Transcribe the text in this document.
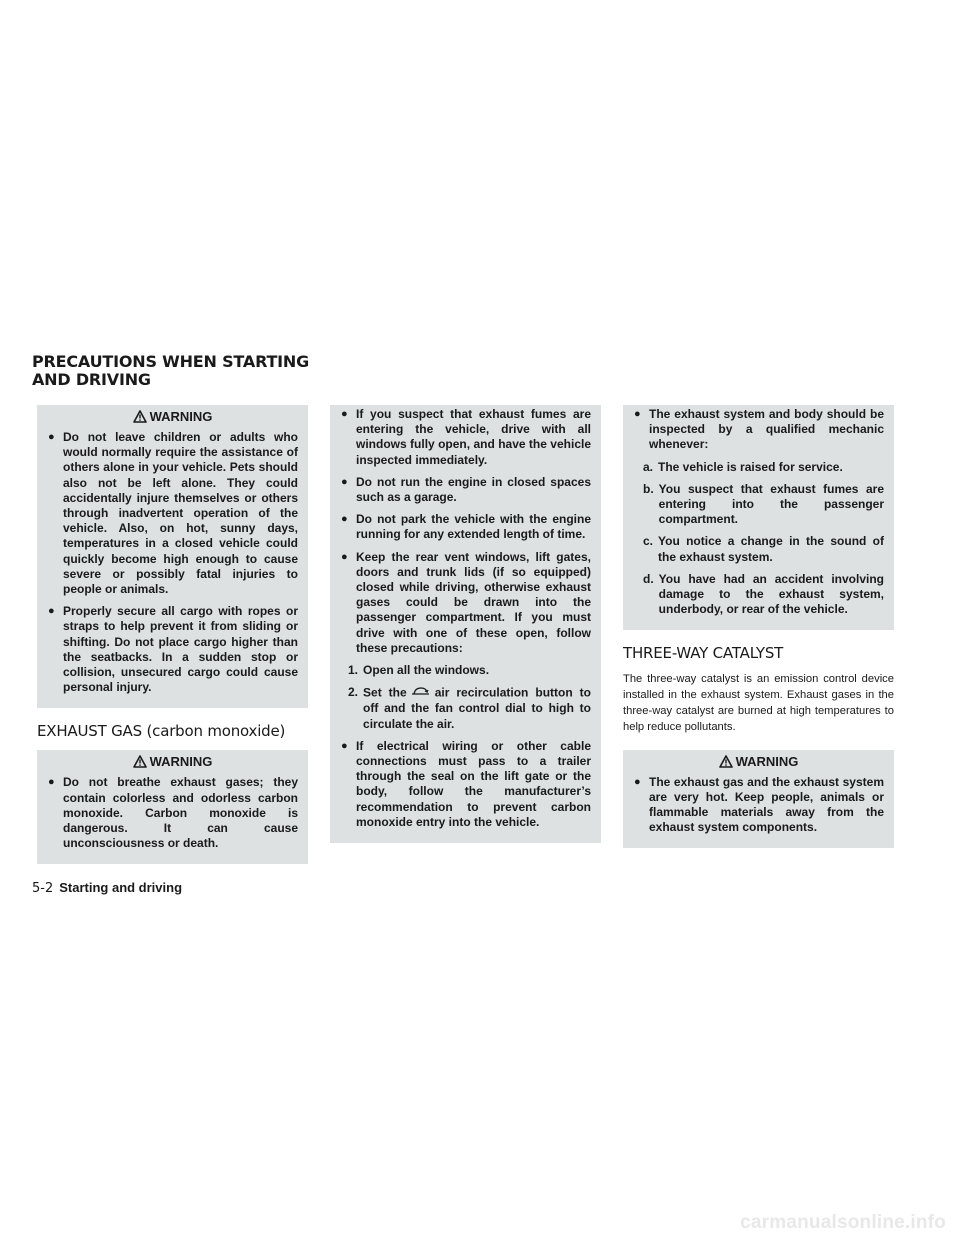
PRECAUTIONS WHEN STARTING
AND DRIVING
WARNING
● Do not leave children or adults who would normally require the assistance of others alone in your vehicle. Pets should also not be left alone. They could accidentally injure themselves or others through inadvertent operation of the vehicle. Also, on hot, sunny days, temperatures in a closed vehicle could quickly become high enough to cause severe or possibly fatal injuries to people or animals.
● Properly secure all cargo with ropes or straps to help prevent it from sliding or shifting. Do not place cargo higher than the seatbacks. In a sudden stop or collision, unsecured cargo could cause personal injury.
EXHAUST GAS (carbon monoxide)
WARNING
● Do not breathe exhaust gases; they contain colorless and odorless carbon monoxide. Carbon monoxide is dangerous. It can cause unconsciousness or death.
● If you suspect that exhaust fumes are entering the vehicle, drive with all windows fully open, and have the vehicle inspected immediately.
● Do not run the engine in closed spaces such as a garage.
● Do not park the vehicle with the engine running for any extended length of time.
● Keep the rear vent windows, lift gates, doors and trunk lids (if so equipped) closed while driving, otherwise exhaust gases could be drawn into the passenger compartment. If you must drive with one of these open, follow these precautions:
1. Open all the windows.
2. Set the air recirculation button to off and the fan control dial to high to circulate the air.
● If electrical wiring or other cable connections must pass to a trailer through the seal on the lift gate or the body, follow the manufacturer’s recommendation to prevent carbon monoxide entry into the vehicle.
● The exhaust system and body should be inspected by a qualified mechanic whenever:
a. The vehicle is raised for service.
b. You suspect that exhaust fumes are entering into the passenger compartment.
c. You notice a change in the sound of the exhaust system.
d. You have had an accident involving damage to the exhaust system, underbody, or rear of the vehicle.
THREE-WAY CATALYST
The three-way catalyst is an emission control device installed in the exhaust system. Exhaust gases in the three-way catalyst are burned at high temperatures to help reduce pollutants.
WARNING
● The exhaust gas and the exhaust system are very hot. Keep people, animals or flammable materials away from the exhaust system components.
5-2 Starting and driving
carmanualsonline.info
